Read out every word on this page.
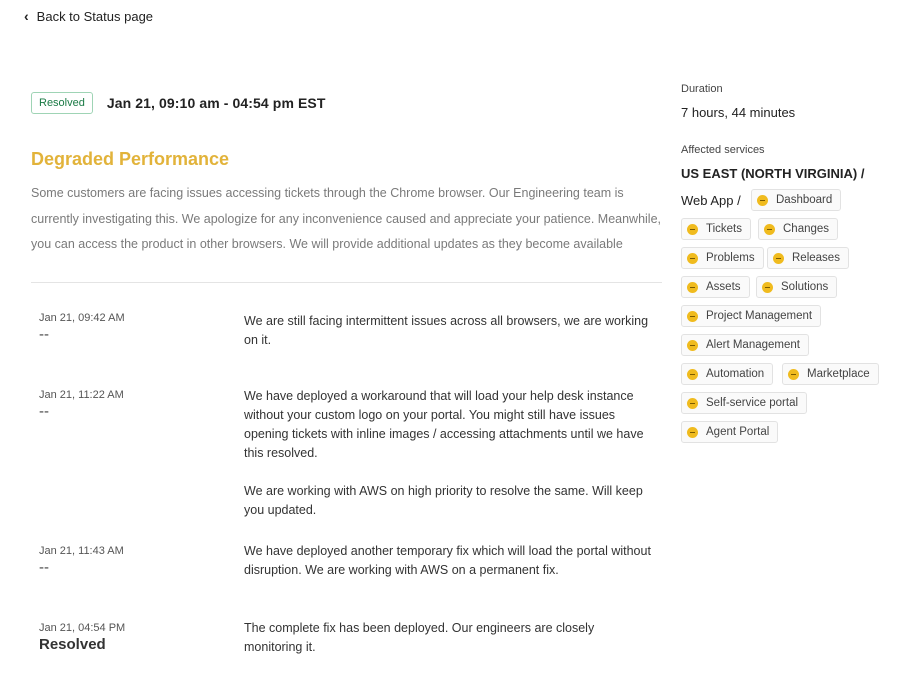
‹ Back to Status page
Resolved	Jan 21, 09:10 am - 04:54 pm EST
Degraded Performance
Some customers are facing issues accessing tickets through the Chrome browser. Our Engineering team is currently investigating this. We apologize for any inconvenience caused and appreciate your patience. Meanwhile, you can access the product in other browsers. We will provide additional updates as they become available
Jan 21, 09:42 AM
--

We are still facing intermittent issues across all browsers, we are working on it.

Jan 21, 11:22 AM
--

We have deployed a workaround that will load your help desk instance without your custom logo on your portal. You might still have issues opening tickets with inline images / accessing attachments until we have this resolved.

We are working with AWS on high priority to resolve the same. Will keep you updated.

Jan 21, 11:43 AM
--

We have deployed another temporary fix which will load the portal without disruption. We are working with AWS on a permanent fix.

Jan 21, 04:54 PM
Resolved

The complete fix has been deployed. Our engineers are closely monitoring it.

Duration
7 hours, 44 minutes
Affected services
US EAST (NORTH VIRGINIA) /
Web App /	Dashboard
Tickets	Changes
Problems	Releases
Assets	Solutions
Project Management
Alert Management
Automation	Marketplace
Self-service portal
Agent Portal
